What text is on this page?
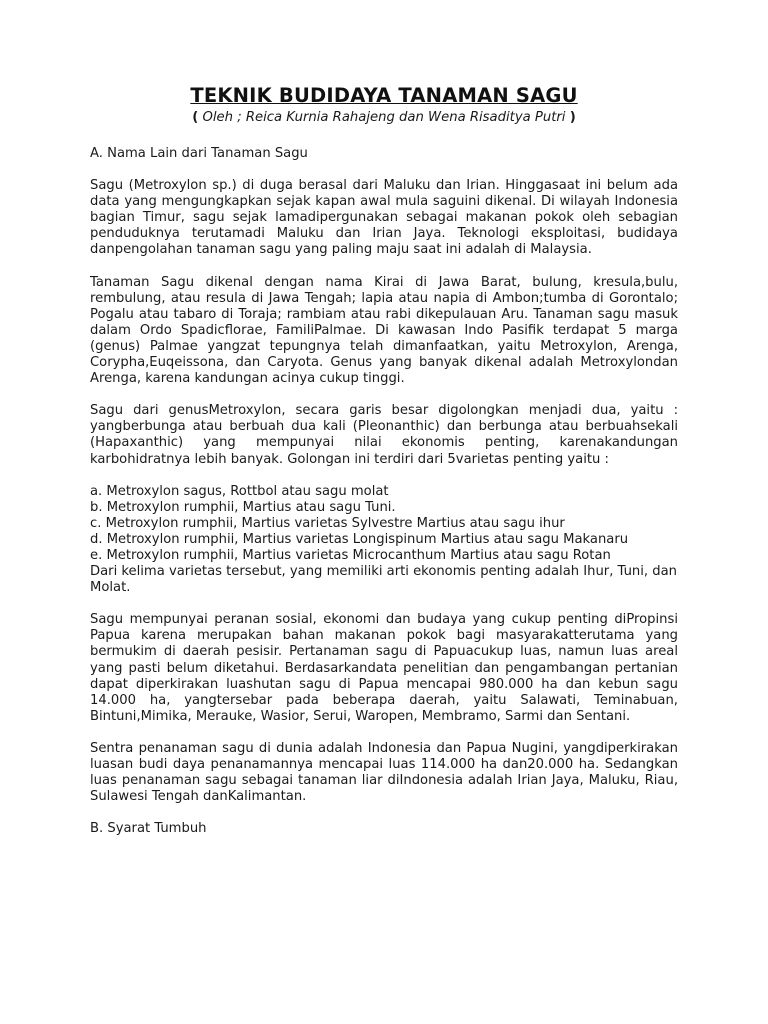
TEKNIK BUDIDAYA TANAMAN SAGU
( Oleh ; Reica Kurnia Rahajeng dan Wena Risaditya Putri )

A. Nama Lain dari Tanaman Sagu

Sagu (Metroxylon sp.) di duga berasal dari Maluku dan Irian. Hinggasaat ini belum ada data yang mengungkapkan sejak kapan awal mula saguini dikenal. Di wilayah Indonesia bagian Timur, sagu sejak lamadipergunakan sebagai makanan pokok oleh sebagian penduduknya terutamadi Maluku dan Irian Jaya. Teknologi eksploitasi, budidaya danpengolahan tanaman sagu yang paling maju saat ini adalah di Malaysia.

Tanaman Sagu dikenal dengan nama Kirai di Jawa Barat, bulung, kresula,bulu, rembulung, atau resula di Jawa Tengah; lapia atau napia di Ambon;tumba di Gorontalo; Pogalu atau tabaro di Toraja; rambiam atau rabi dikepulauan Aru. Tanaman sagu masuk dalam Ordo Spadicflorae, FamiliPalmae. Di kawasan Indo Pasifik terdapat 5 marga (genus) Palmae yangzat tepungnya telah dimanfaatkan, yaitu Metroxylon, Arenga, Corypha,Euqeissona, dan Caryota. Genus yang banyak dikenal adalah Metroxylondan Arenga, karena kandungan acinya cukup tinggi.

Sagu dari genusMetroxylon, secara garis besar digolongkan menjadi dua, yaitu : yangberbunga atau berbuah dua kali (Pleonanthic) dan berbunga atau berbuahsekali (Hapaxanthic) yang mempunyai nilai ekonomis penting, karenakandungan karbohidratnya lebih banyak. Golongan ini terdiri dari 5varietas penting yaitu :

a. Metroxylon sagus, Rottbol atau sagu molat
b. Metroxylon rumphii, Martius atau sagu Tuni.
c. Metroxylon rumphii, Martius varietas Sylvestre Martius atau sagu ihur
d. Metroxylon rumphii, Martius varietas Longispinum Martius atau sagu Makanaru
e. Metroxylon rumphii, Martius varietas Microcanthum Martius atau sagu Rotan

Dari kelima varietas tersebut, yang memiliki arti ekonomis penting adalah Ihur, Tuni, dan Molat.

Sagu mempunyai peranan sosial, ekonomi dan budaya yang cukup penting diPropinsi Papua karena merupakan bahan makanan pokok bagi masyarakatterutama yang bermukim di daerah pesisir. Pertanaman sagu di Papuacukup luas, namun luas areal yang pasti belum diketahui. Berdasarkandata penelitian dan pengambangan pertanian dapat diperkirakan luashutan sagu di Papua mencapai 980.000 ha dan kebun sagu 14.000 ha, yangtersebar pada beberapa daerah, yaitu Salawati, Teminabuan, Bintuni,Mimika, Merauke, Wasior, Serui, Waropen, Membramo, Sarmi dan Sentani.

Sentra penanaman sagu di dunia adalah Indonesia dan Papua Nugini, yangdiperkirakan luasan budi daya penanamannya mencapai luas 114.000 ha dan20.000 ha. Sedangkan luas penanaman sagu sebagai tanaman liar diIndonesia adalah Irian Jaya, Maluku, Riau, Sulawesi Tengah danKalimantan.

B. Syarat Tumbuh
